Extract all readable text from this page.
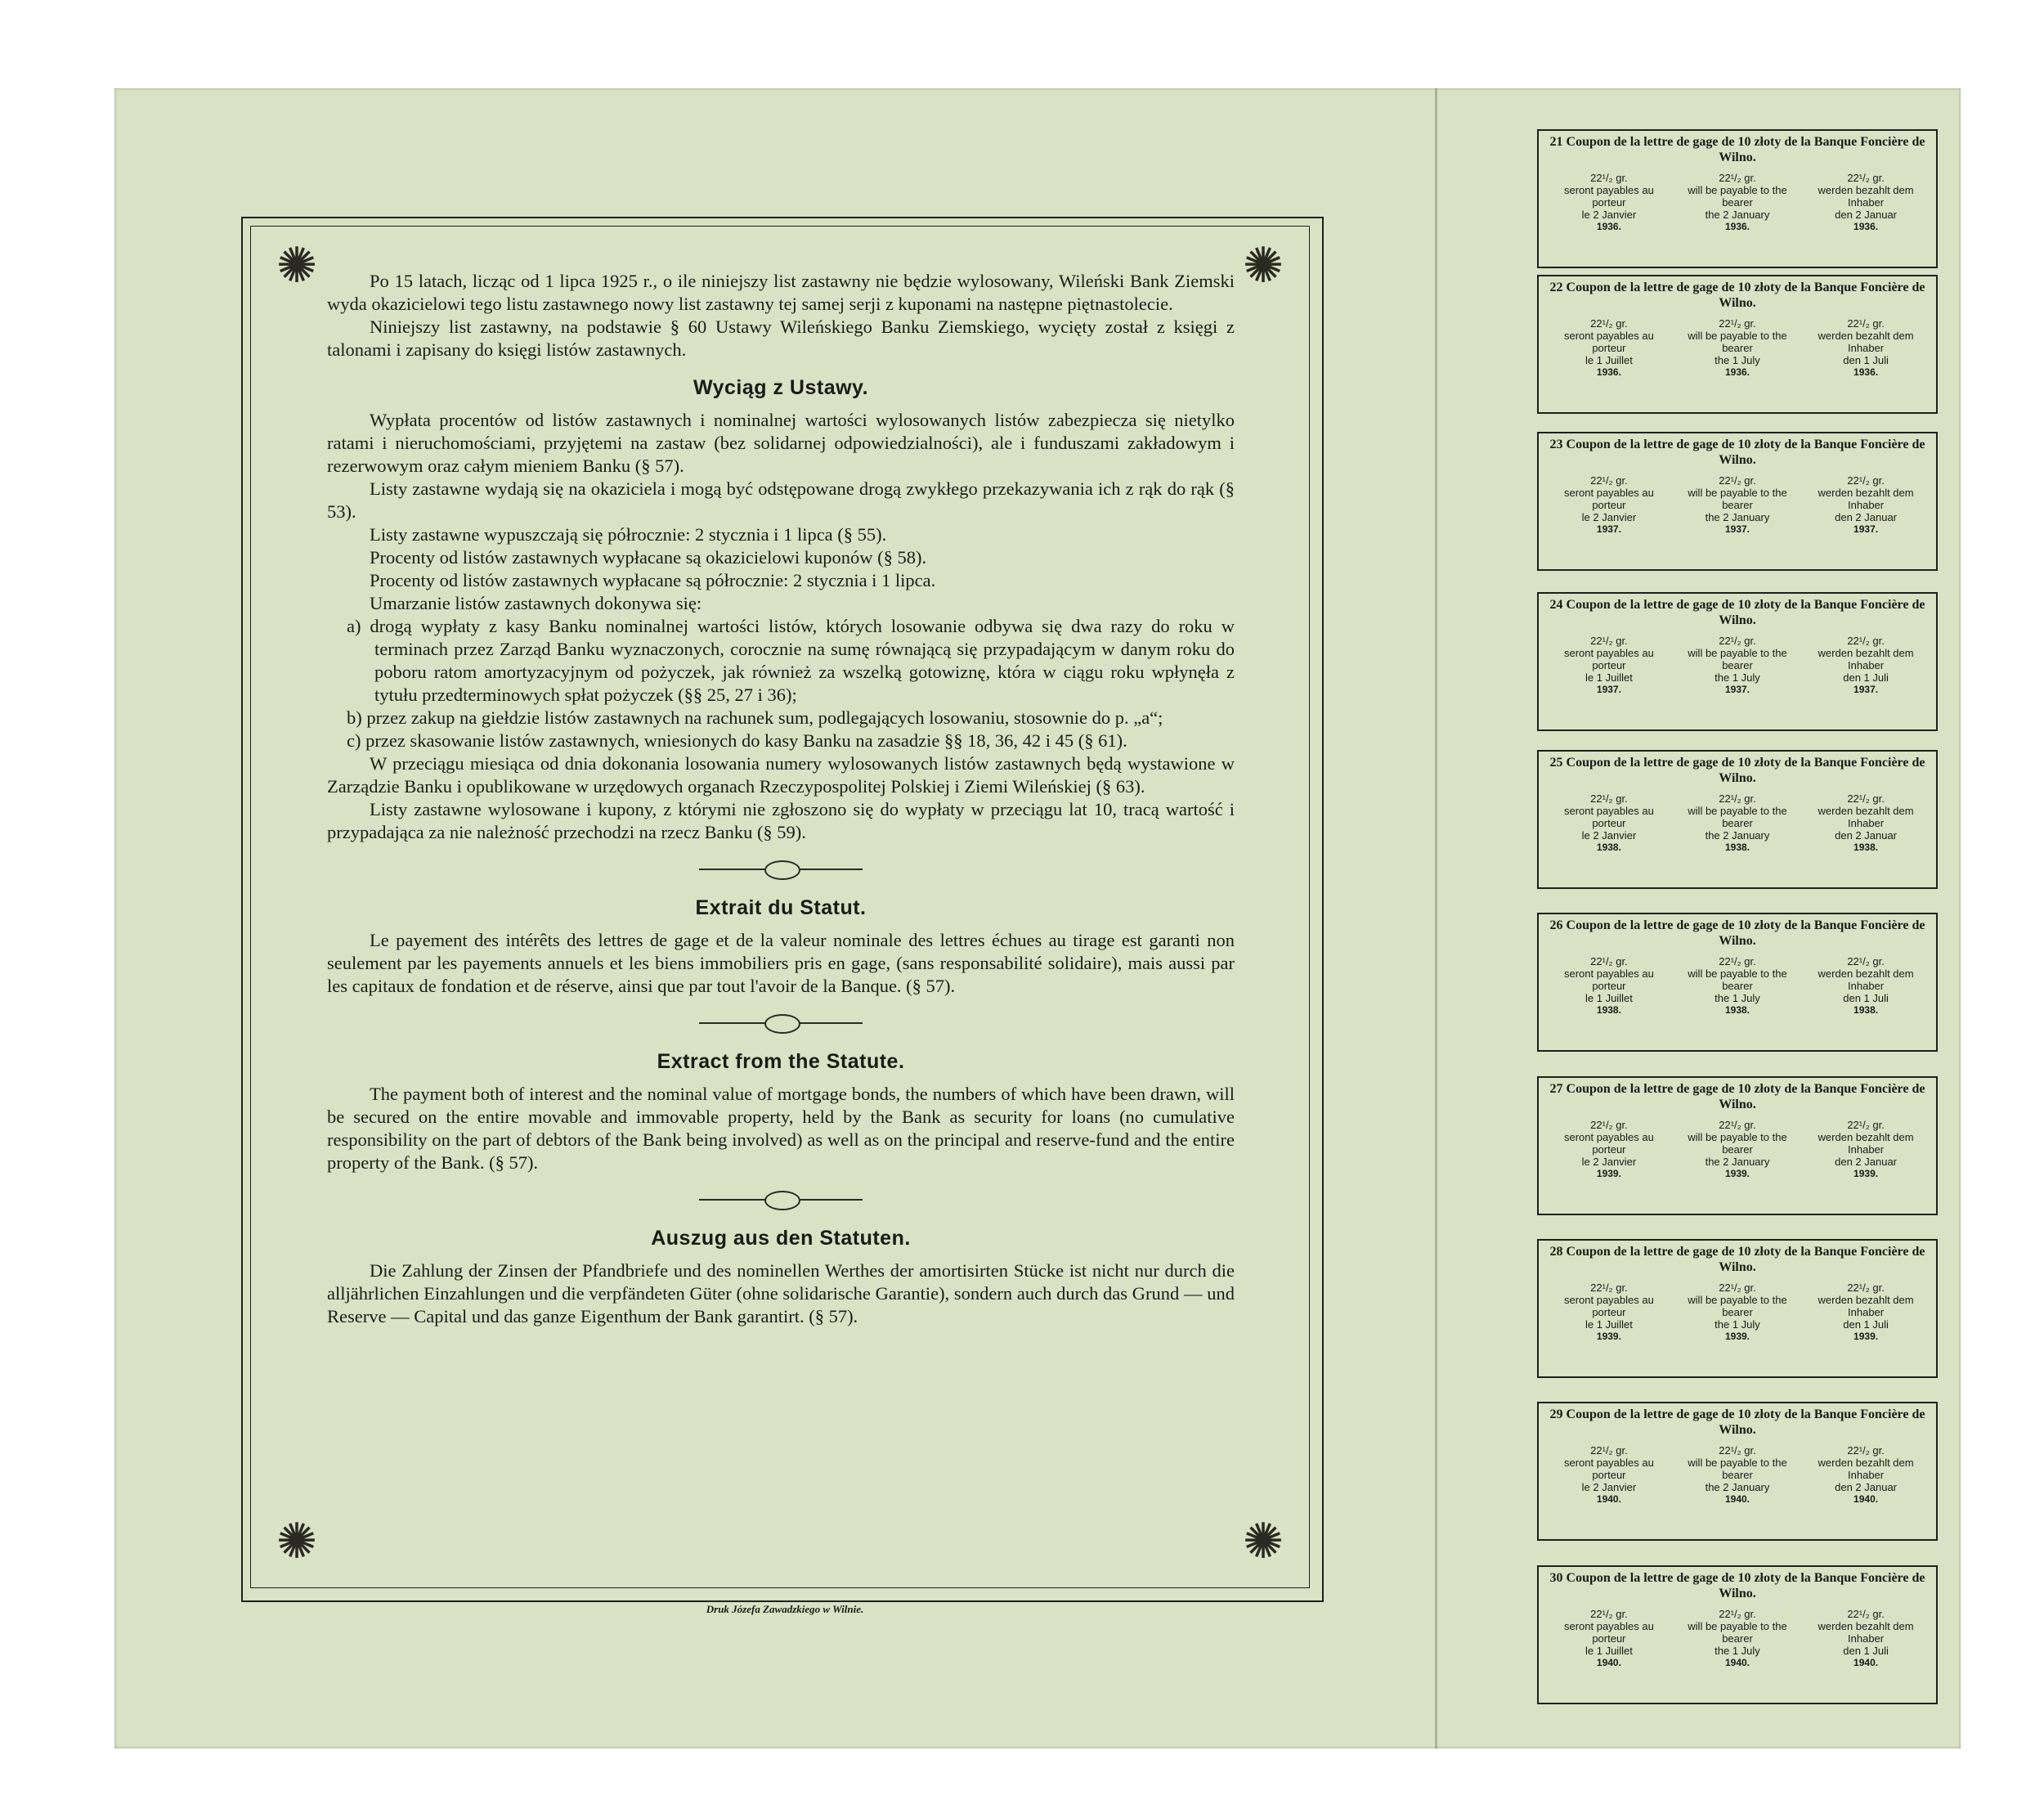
✺	✺
✺	✺

Po 15 latach, licząc od 1 lipca 1925 r., o ile niniejszy list zastawny nie będzie wylosowany, Wileński Bank Ziemski wyda okazicielowi tego listu zastawnego nowy list zastawny tej samej serji z kuponami na następne piętnastolecie.

Niniejszy list zastawny, na podstawie § 60 Ustawy Wileńskiego Banku Ziemskiego, wycięty został z księgi z talonami i zapisany do księgi listów zastawnych.

Wyciąg z Ustawy.

Wypłata procentów od listów zastawnych i nominalnej wartości wylosowanych listów zabezpiecza się nietylko ratami i nieruchomościami, przyjętemi na zastaw (bez solidarnej odpowiedzialności), ale i funduszami zakładowym i rezerwowym oraz całym mieniem Banku (§ 57).

Listy zastawne wydają się na okaziciela i mogą być odstępowane drogą zwykłego przekazywania ich z rąk do rąk (§ 53).

Listy zastawne wypuszczają się półrocznie: 2 stycznia i 1 lipca (§ 55).

Procenty od listów zastawnych wypłacane są okazicielowi kuponów (§ 58).

Procenty od listów zastawnych wypłacane są półrocznie: 2 stycznia i 1 lipca.

Umarzanie listów zastawnych dokonywa się:

a) drogą wypłaty z kasy Banku nominalnej wartości listów, których losowanie odbywa się dwa razy do roku w terminach przez Zarząd Banku wyznaczonych, corocznie na sumę równającą się przypadającym w danym roku do poboru ratom amortyzacyjnym od pożyczek, jak również za wszelką gotowiznę, która w ciągu roku wpłynęła z tytułu przedterminowych spłat pożyczek (§§ 25, 27 i 36);

b) przez zakup na giełdzie listów zastawnych na rachunek sum, podlegających losowaniu, stosownie do p. „a“;

c) przez skasowanie listów zastawnych, wniesionych do kasy Banku na zasadzie §§ 18, 36, 42 i 45 (§ 61).

W przeciągu miesiąca od dnia dokonania losowania numery wylosowanych listów zastawnych będą wystawione w Zarządzie Banku i opublikowane w urzędowych organach Rzeczypospolitej Polskiej i Ziemi Wileńskiej (§ 63).

Listy zastawne wylosowane i kupony, z którymi nie zgłoszono się do wypłaty w przeciągu lat 10, tracą wartość i przypadająca za nie należność przechodzi na rzecz Banku (§ 59).

Extrait du Statut.

Le payement des intérêts des lettres de gage et de la valeur nominale des lettres échues au tirage est garanti non seulement par les payements annuels et les biens immobiliers pris en gage, (sans responsabilité solidaire), mais aussi par les capitaux de fondation et de réserve, ainsi que par tout l'avoir de la Banque. (§ 57).

Extract from the Statute.

The payment both of interest and the nominal value of mortgage bonds, the numbers of which have been drawn, will be secured on the entire movable and immovable property, held by the Bank as security for loans (no cumulative responsibility on the part of debtors of the Bank being involved) as well as on the principal and reserve-fund and the entire property of the Bank. (§ 57).

Auszug aus den Statuten.

Die Zahlung der Zinsen der Pfandbriefe und des nominellen Werthes der amortisirten Stücke ist nicht nur durch die alljährlichen Einzahlungen und die verpfändeten Güter (ohne solidarische Garantie), sondern auch durch das Grund — und Reserve — Capital und das ganze Eigenthum der Bank garantirt. (§ 57).

Druk Józefa Zawadzkiego w Wilnie.
21 Coupon de la lettre de gage de 10 złoty de la Banque Foncière de Wilno.
22¹/₂ gr.
seront payables au porteur
le 2 Janvier
1936.
22¹/₂ gr.
will be payable to the bearer
the 2 January
1936.
22¹/₂ gr.
werden bezahlt dem Inhaber
den 2 Januar
1936.
22 Coupon de la lettre de gage de 10 złoty de la Banque Foncière de Wilno.
22¹/₂ gr.
seront payables au porteur
le 1 Juillet
1936.
22¹/₂ gr.
will be payable to the bearer
the 1 July
1936.
22¹/₂ gr.
werden bezahlt dem Inhaber
den 1 Juli
1936.
23 Coupon de la lettre de gage de 10 złoty de la Banque Foncière de Wilno.
22¹/₂ gr.
seront payables au porteur
le 2 Janvier
1937.
22¹/₂ gr.
will be payable to the bearer
the 2 January
1937.
22¹/₂ gr.
werden bezahlt dem Inhaber
den 2 Januar
1937.
24 Coupon de la lettre de gage de 10 złoty de la Banque Foncière de Wilno.
22¹/₂ gr.
seront payables au porteur
le 1 Juillet
1937.
22¹/₂ gr.
will be payable to the bearer
the 1 July
1937.
22¹/₂ gr.
werden bezahlt dem Inhaber
den 1 Juli
1937.
25 Coupon de la lettre de gage de 10 złoty de la Banque Foncière de Wilno.
22¹/₂ gr.
seront payables au porteur
le 2 Janvier
1938.
22¹/₂ gr.
will be payable to the bearer
the 2 January
1938.
22¹/₂ gr.
werden bezahlt dem Inhaber
den 2 Januar
1938.
26 Coupon de la lettre de gage de 10 złoty de la Banque Foncière de Wilno.
22¹/₂ gr.
seront payables au porteur
le 1 Juillet
1938.
22¹/₂ gr.
will be payable to the bearer
the 1 July
1938.
22¹/₂ gr.
werden bezahlt dem Inhaber
den 1 Juli
1938.
27 Coupon de la lettre de gage de 10 złoty de la Banque Foncière de Wilno.
22¹/₂ gr.
seront payables au porteur
le 2 Janvier
1939.
22¹/₂ gr.
will be payable to the bearer
the 2 January
1939.
22¹/₂ gr.
werden bezahlt dem Inhaber
den 2 Januar
1939.
28 Coupon de la lettre de gage de 10 złoty de la Banque Foncière de Wilno.
22¹/₂ gr.
seront payables au porteur
le 1 Juillet
1939.
22¹/₂ gr.
will be payable to the bearer
the 1 July
1939.
22¹/₂ gr.
werden bezahlt dem Inhaber
den 1 Juli
1939.
29 Coupon de la lettre de gage de 10 złoty de la Banque Foncière de Wilno.
22¹/₂ gr.
seront payables au porteur
le 2 Janvier
1940.
22¹/₂ gr.
will be payable to the bearer
the 2 January
1940.
22¹/₂ gr.
werden bezahlt dem Inhaber
den 2 Januar
1940.
30 Coupon de la lettre de gage de 10 złoty de la Banque Foncière de Wilno.
22¹/₂ gr.
seront payables au porteur
le 1 Juillet
1940.
22¹/₂ gr.
will be payable to the bearer
the 1 July
1940.
22¹/₂ gr.
werden bezahlt dem Inhaber
den 1 Juli
1940.
